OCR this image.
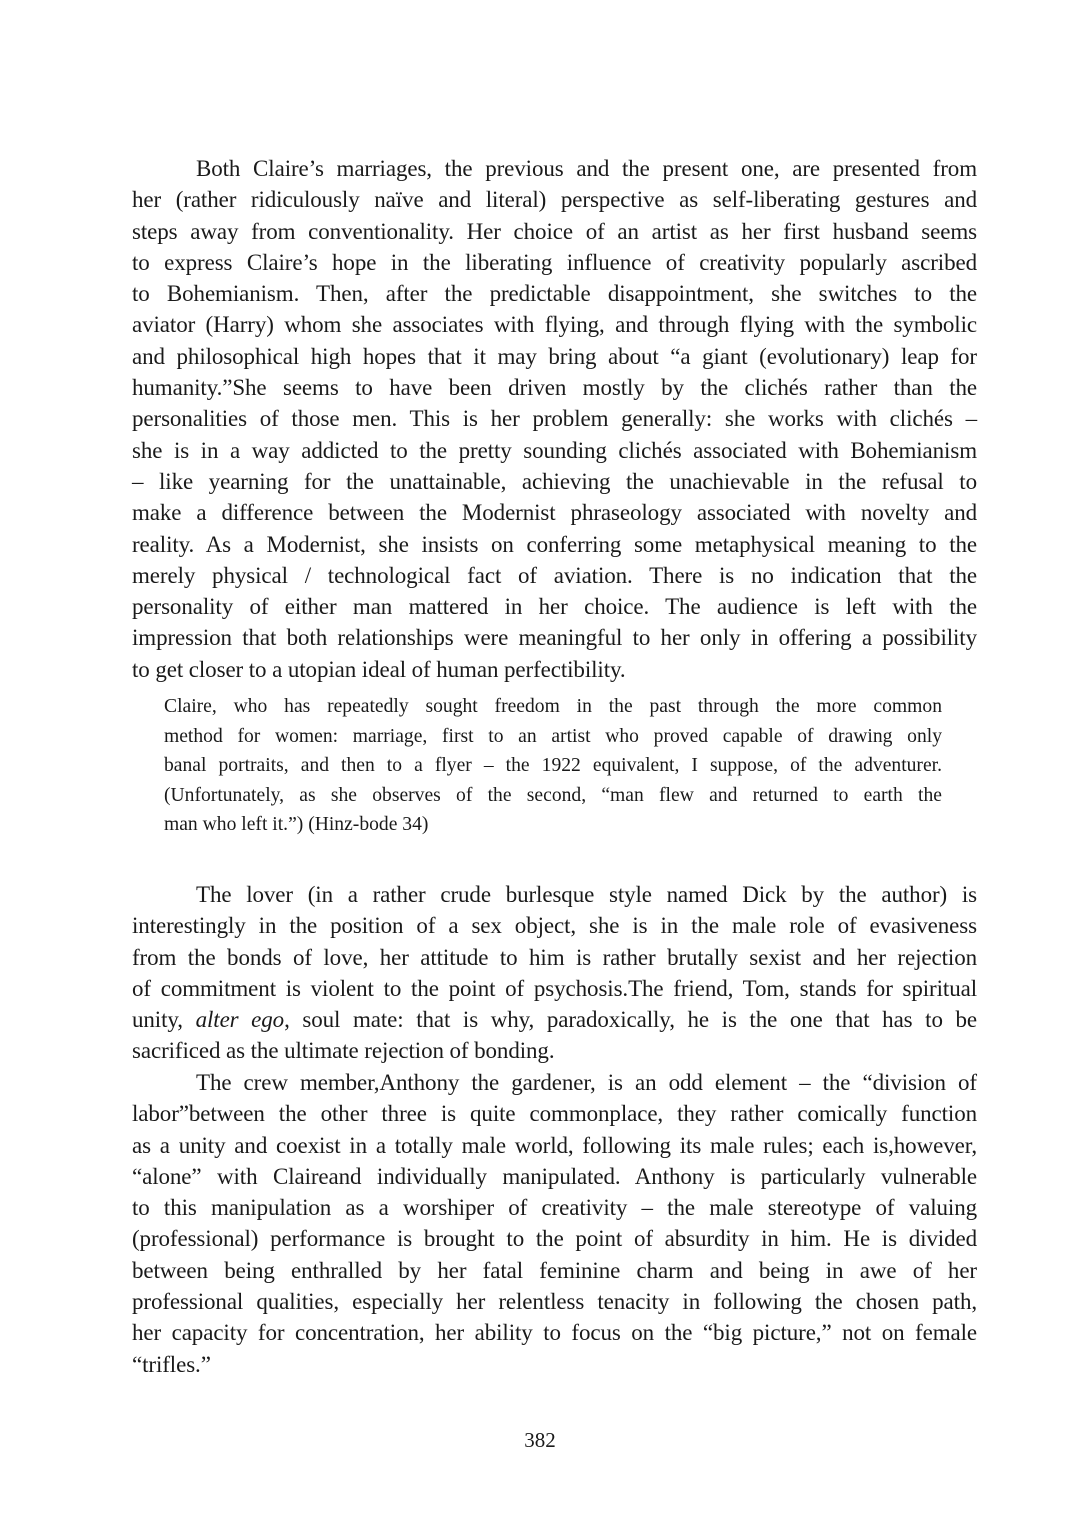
Both Claire’s marriages, the previous and the present one, are presented from
her (rather ridiculously naïve and literal) perspective as self-liberating gestures and
steps away from conventionality. Her choice of an artist as her first husband seems
to express Claire’s hope in the liberating influence of creativity popularly ascribed
to Bohemianism. Then, after the predictable disappointment, she switches to the
aviator (Harry) whom she associates with flying, and through flying with the symbolic
and philosophical high hopes that it may bring about “a giant (evolutionary) leap for
humanity.”She seems to have been driven mostly by the clichés rather than the
personalities of those men. This is her problem generally: she works with clichés –
she is in a way addicted to the pretty sounding clichés associated with Bohemianism
– like yearning for the unattainable, achieving the unachievable in the refusal to
make a difference between the Modernist phraseology associated with novelty and
reality. As a Modernist, she insists on conferring some metaphysical meaning to the
merely physical / technological fact of aviation. There is no indication that the
personality of either man mattered in her choice. The audience is left with the
impression that both relationships were meaningful to her only in offering a possibility
to get closer to a utopian ideal of human perfectibility.
Claire, who has repeatedly sought freedom in the past through the more common
method for women: marriage, first to an artist who proved capable of drawing only
banal portraits, and then to a flyer – the 1922 equivalent, I suppose, of the adventurer.
(Unfortunately, as she observes of the second, “man flew and returned to earth the
man who left it.”) (Hinz-bode 34)
The lover (in a rather crude burlesque style named Dick by the author) is
interestingly in the position of a sex object, she is in the male role of evasiveness
from the bonds of love, her attitude to him is rather brutally sexist and her rejection
of commitment is violent to the point of psychosis.The friend, Tom, stands for spiritual
unity, alter ego, soul mate: that is why, paradoxically, he is the one that has to be
sacrificed as the ultimate rejection of bonding.
The crew member,Anthony the gardener, is an odd element – the “division of
labor”between the other three is quite commonplace, they rather comically function
as a unity and coexist in a totally male world, following its male rules; each is,however,
“alone” with Claireand individually manipulated. Anthony is particularly vulnerable
to this manipulation as a worshiper of creativity – the male stereotype of valuing
(professional) performance is brought to the point of absurdity in him. He is divided
between being enthralled by her fatal feminine charm and being in awe of her
professional qualities, especially her relentless tenacity in following the chosen path,
her capacity for concentration, her ability to focus on the “big picture,” not on female
“trifles.”
382
